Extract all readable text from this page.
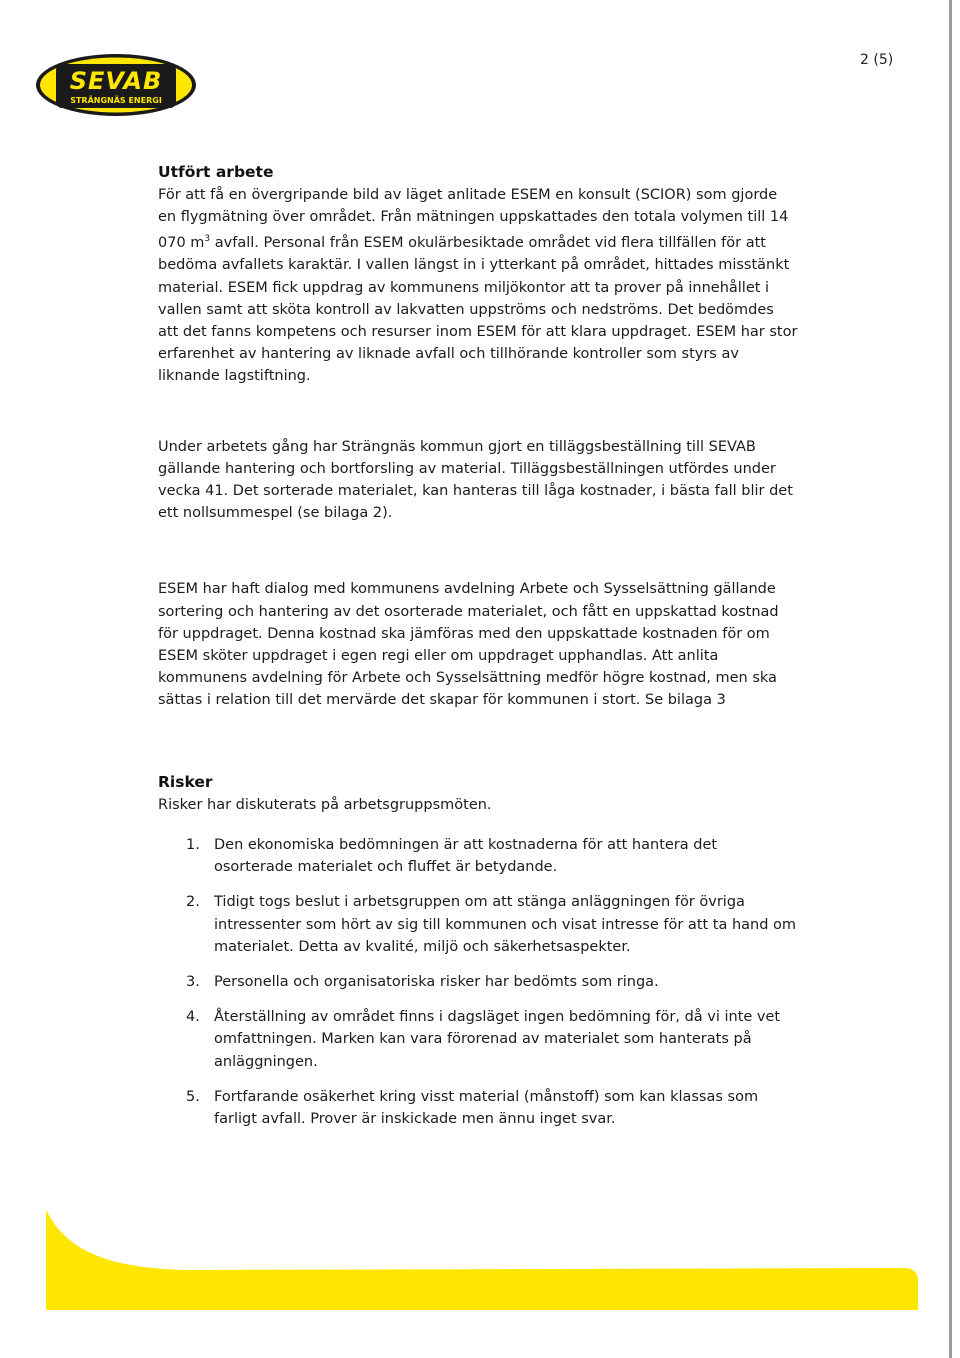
SEVAB
STRÄNGNÄS ENERGI
2 (5)
Utfört arbete

För att få en övergripande bild av läget anlitade ESEM en konsult (SCIOR) som gjorde en flygmätning över området. Från mätningen uppskattades den totala volymen till 14 070 $m^3$ avfall. Personal från ESEM okulärbesiktade området vid flera tillfällen för att bedöma avfallets karaktär. I vallen längst in i ytterkant på området, hittades misstänkt material. ESEM fick uppdrag av kommunens miljökontor att ta prover på innehållet i vallen samt att sköta kontroll av lakvatten uppströms och nedströms. Det bedömdes att det fanns kompetens och resurser inom ESEM för att klara uppdraget. ESEM har stor erfarenhet av hantering av liknade avfall och tillhörande kontroller som styrs av liknande lagstiftning.

Under arbetets gång har Strängnäs kommun gjort en tilläggsbeställning till SEVAB gällande hantering och bortforsling av material. Tilläggsbeställningen utfördes under vecka 41. Det sorterade materialet, kan hanteras till låga kostnader, i bästa fall blir det ett nollsummespel (se bilaga 2).

ESEM har haft dialog med kommunens avdelning Arbete och Sysselsättning gällande sortering och hantering av det osorterade materialet, och fått en uppskattad kostnad för uppdraget. Denna kostnad ska jämföras med den uppskattade kostnaden för om ESEM sköter uppdraget i egen regi eller om uppdraget upphandlas. Att anlita kommunens avdelning för Arbete och Sysselsättning medför högre kostnad, men ska sättas i relation till det mervärde det skapar för kommunen i stort. Se bilaga 3

Risker

Risker har diskuterats på arbetsgruppsmöten.

1. Den ekonomiska bedömningen är att kostnaderna för att hantera det osorterade materialet och fluffet är betydande.
2. Tidigt togs beslut i arbetsgruppen om att stänga anläggningen för övriga intressenter som hört av sig till kommunen och visat intresse för att ta hand om materialet. Detta av kvalité, miljö och säkerhetsaspekter.
3. Personella och organisatoriska risker har bedömts som ringa.
4. Återställning av området finns i dagsläget ingen bedömning för, då vi inte vet omfattningen. Marken kan vara förorenad av materialet som hanterats på anläggningen.
5. Fortfarande osäkerhet kring visst material (månstoff) som kan klassas som farligt avfall. Prover är inskickade men ännu inget svar.
